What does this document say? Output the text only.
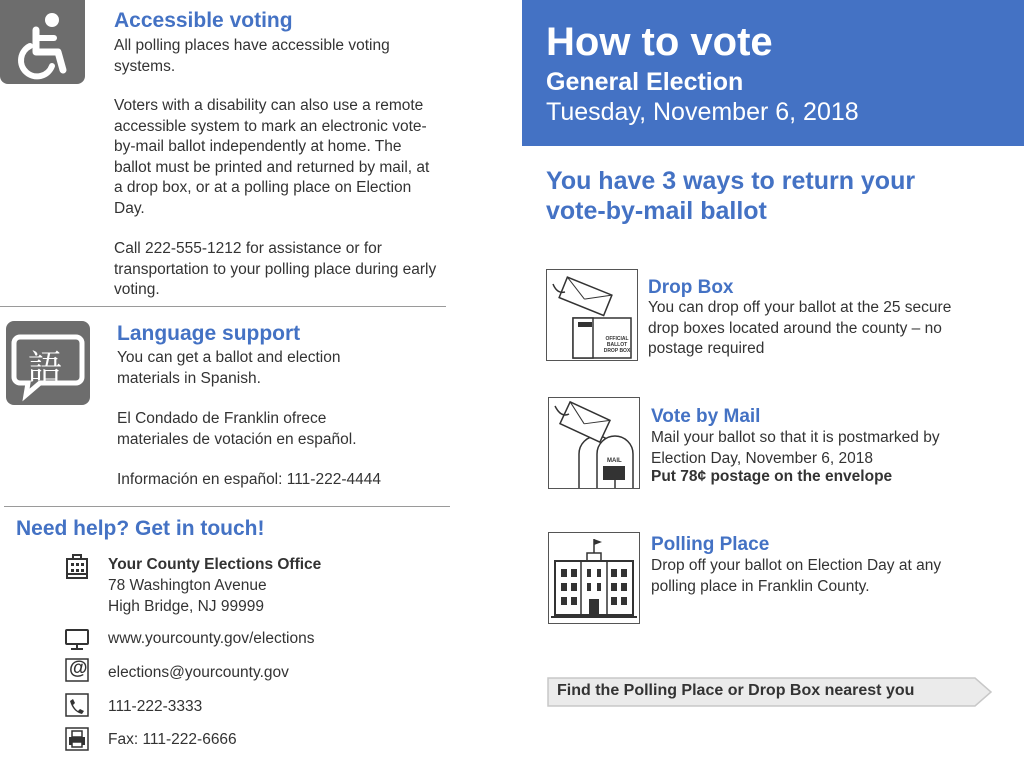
Accessible voting
All polling places have accessible voting systems.
Voters with a disability can also use a remote accessible system to mark an electronic vote-by-mail ballot independently at home. The ballot must be printed and returned by mail, at a drop box, or at a polling place on Election Day.
Call 222-555-1212 for assistance or for transportation to your polling place during early voting.
語
Language support
You can get a ballot and election materials in Spanish.
El Condado de Franklin ofrece materiales de votación en español.
Información en español: 111-222-4444
Need help? Get in touch!
Your County Elections Office
78 Washington Avenue
High Bridge, NJ 99999
www.yourcounty.gov/elections
@ elections@yourcounty.gov
111-222-3333
Fax: 111-222-6666
How to vote
General Election
Tuesday, November 6, 2018
You have 3 ways to return your vote-by-mail ballot
OFFICIAL
BALLOT
DROP BOX
Drop Box
You can drop off your ballot at the 25 secure drop boxes located around the county – no postage required
MAIL
Vote by Mail
Mail your ballot so that it is postmarked by Election Day, November 6, 2018
Put 78¢ postage on the envelope
Polling Place
Drop off your ballot on Election Day at any polling place in Franklin County.
Find the Polling Place or Drop Box nearest you
